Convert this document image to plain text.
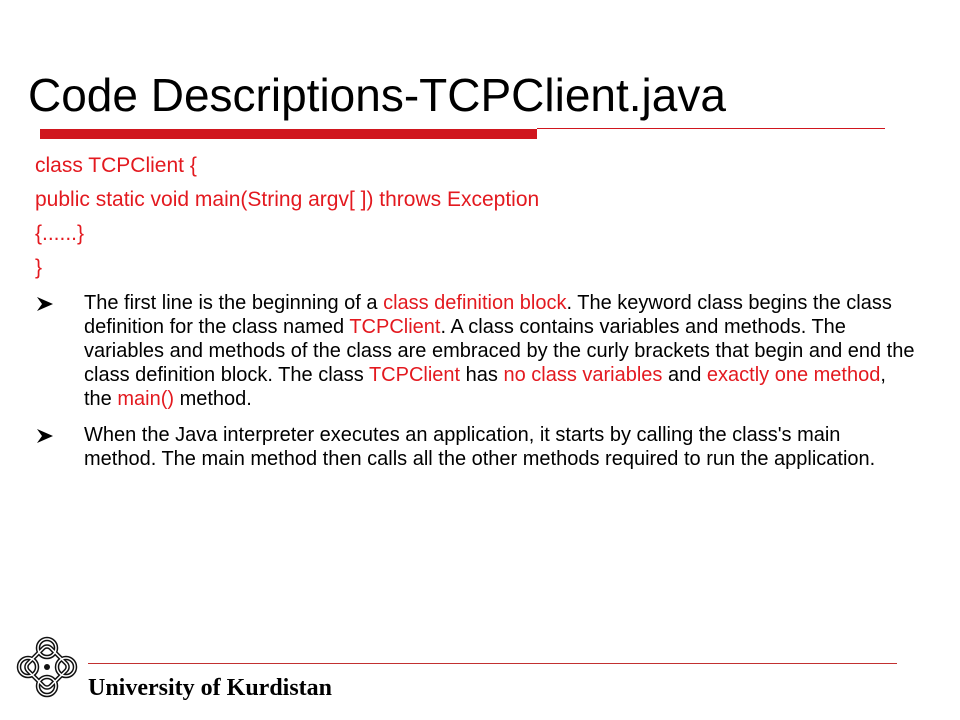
Code Descriptions-TCPClient.java
class TCPClient {
public static void main(String argv[ ]) throws Exception
{......}
}
The first line is the beginning of a class definition block. The keyword class begins the class definition for the class named TCPClient. A class contains variables and methods. The variables and methods of the class are embraced by the curly brackets that begin and end the class definition block. The class TCPClient has no class variables and exactly one method, the main() method.
When the Java interpreter executes an application, it starts by calling the class's main method. The main method then calls all the other methods required to run the application.
University of Kurdistan
